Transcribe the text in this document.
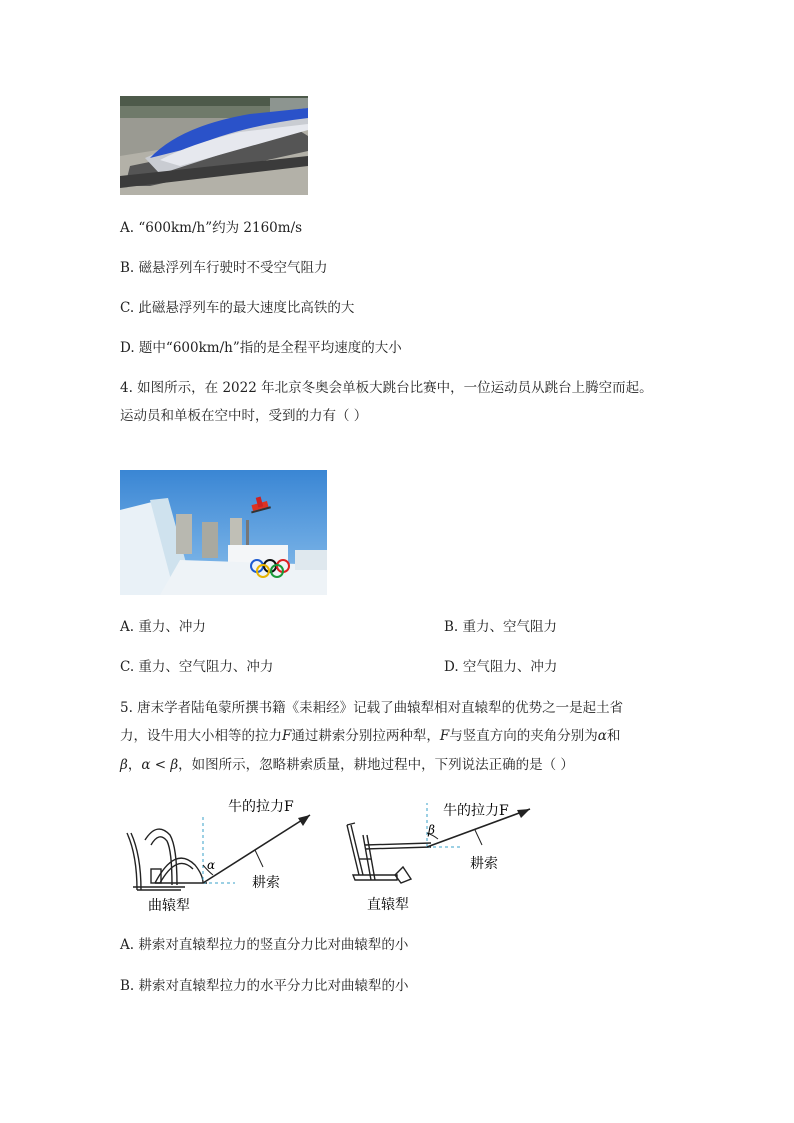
A. “600km/h”约为 2160m/s
B. 磁悬浮列车行驶时不受空气阻力
C. 此磁悬浮列车的最大速度比高铁的大
D. 题中“600km/h”指的是全程平均速度的大小
4. 如图所示，在 2022 年北京冬奥会单板大跳台比赛中，一位运动员从跳台上腾空而起。
运动员和单板在空中时，受到的力有（ ）
A. 重力、冲力	B. 重力、空气阻力
C. 重力、空气阻力、冲力	D. 空气阻力、冲力
5. 唐末学者陆龟蒙所撰书籍《耒耜经》记载了曲辕犁相对直辕犁的优势之一是起土省
力，设牛用大小相等的拉力F通过耕索分别拉两种犁，F与竖直方向的夹角分别为α和
β，α < β，如图所示，忽略耕索质量，耕地过程中，下列说法正确的是（ ）
α
牛的拉力F
耕索
曲辕犁
β
牛的拉力F
耕索
直辕犁
A. 耕索对直辕犁拉力的竖直分力比对曲辕犁的小
B. 耕索对直辕犁拉力的水平分力比对曲辕犁的小
